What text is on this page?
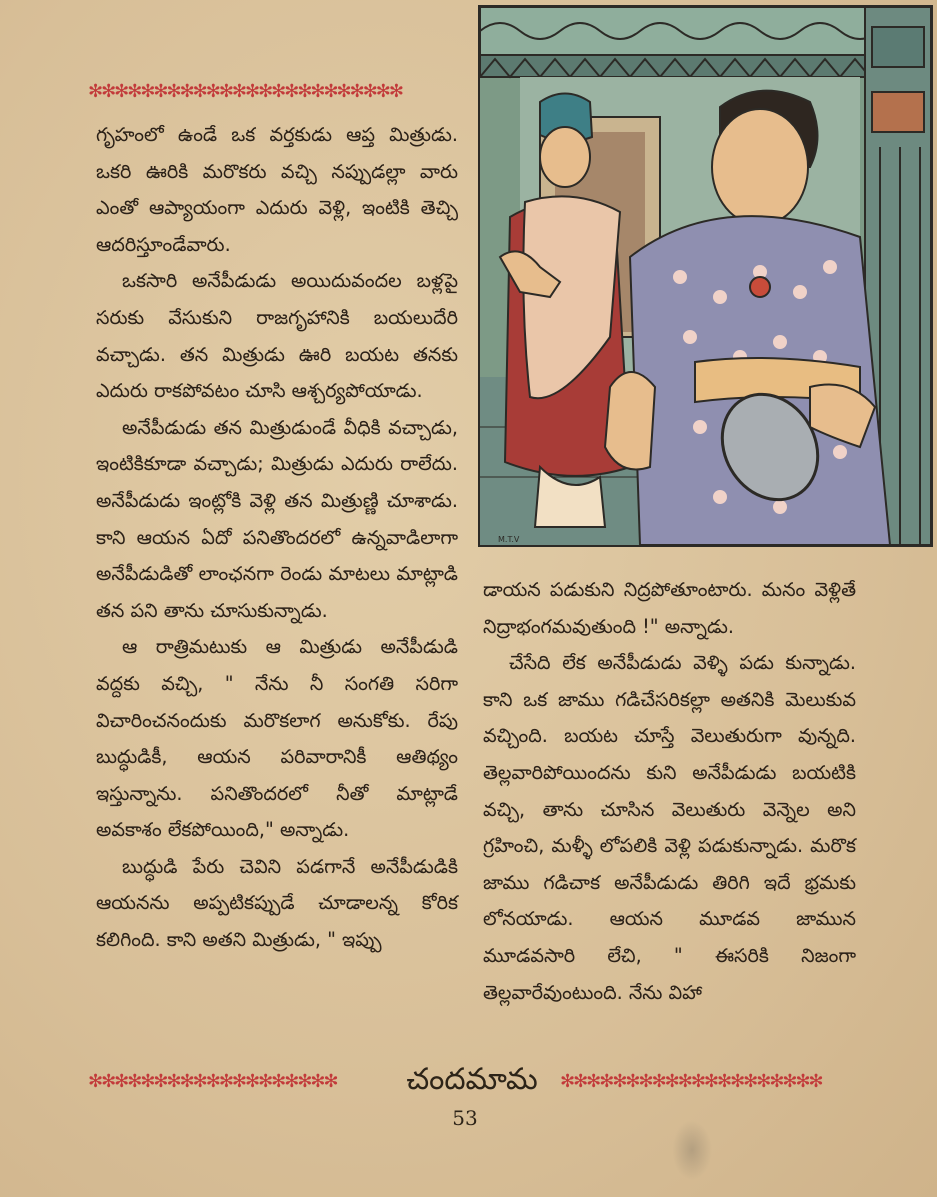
✻✻✻✻✻✻✻✻✻✻✻✻✻✻✻✻✻✻✻✻✻✻✻✻

గృహంలో ఉండే ఒక వర్తకుడు ఆప్త మిత్రుడు. ఒకరి ఊరికి మరొకరు వచ్చి నప్పుడల్లా వారు ఎంతో ఆప్యాయంగా ఎదురు వెళ్లి, ఇంటికి తెచ్చి ఆదరిస్తూండేవారు.

ఒకసారి అనేపీడుడు అయిదువందల బళ్లపై సరుకు వేసుకుని రాజగృహానికి బయలుదేరి వచ్చాడు. తన మిత్రుడు ఊరి బయట తనకు ఎదురు రాకపోవటం చూసి ఆశ్చర్యపోయాడు.

అనేపీడుడు తన మిత్రుడుండే వీధికి వచ్చాడు, ఇంటికికూడా వచ్చాడు; మిత్రుడు ఎదురు రాలేదు. అనేపీడుడు ఇంట్లోకి వెళ్లి తన మిత్రుణ్ణి చూశాడు. కాని ఆయన ఏదో పనితొందరలో ఉన్నవాడిలాగా అనేపీడుడితో లాంఛనగా రెండు మాటలు మాట్లాడి తన పని తాను చూసుకున్నాడు.

ఆ రాత్రిమటుకు ఆ మిత్రుడు అనేపీడుడి వద్దకు వచ్చి, " నేను నీ సంగతి సరిగా విచారించనందుకు మరొకలాగ అనుకోకు. రేపు బుద్ధుడికీ, ఆయన పరివారానికీ ఆతిథ్యం ఇస్తున్నాను. పనితొందరలో నీతో మాట్లాడే అవకాశం లేకపోయింది," అన్నాడు.

బుద్ధుడి పేరు చెవిని పడగానే అనేపీడుడికి ఆయనను అప్పటికప్పుడే చూడాలన్న కోరిక కలిగింది. కాని అతని మిత్రుడు, " ఇప్పు

M.T.V

డాయన పడుకుని నిద్రపోతూంటారు. మనం వెళ్లితే నిద్రాభంగమవుతుంది !" అన్నాడు.

చేసేది లేక అనేపీడుడు వెళ్ళి పడు కున్నాడు. కాని ఒక జాము గడిచేసరికల్లా అతనికి మెలుకువ వచ్చింది. బయట చూస్తే వెలుతురుగా వున్నది. తెల్లవారిపోయిందను కుని అనేపీడుడు బయటికి వచ్చి, తాను చూసిన వెలుతురు వెన్నెల అని గ్రహించి, మళ్ళీ లోపలికి వెళ్లి పడుకున్నాడు. మరొక జాము గడిచాక అనేపీడుడు తిరిగి ఇదే భ్రమకు లోనయాడు. ఆయన మూడవ జామున మూడవసారి లేచి, " ఈసరికి నిజంగా తెల్లవారేవుంటుంది. నేను విహా

✻✻✻✻✻✻✻✻✻✻✻✻✻✻✻✻✻✻✻	చందమామ	✻✻✻✻✻✻✻✻✻✻✻✻✻✻✻✻✻✻✻✻
53
